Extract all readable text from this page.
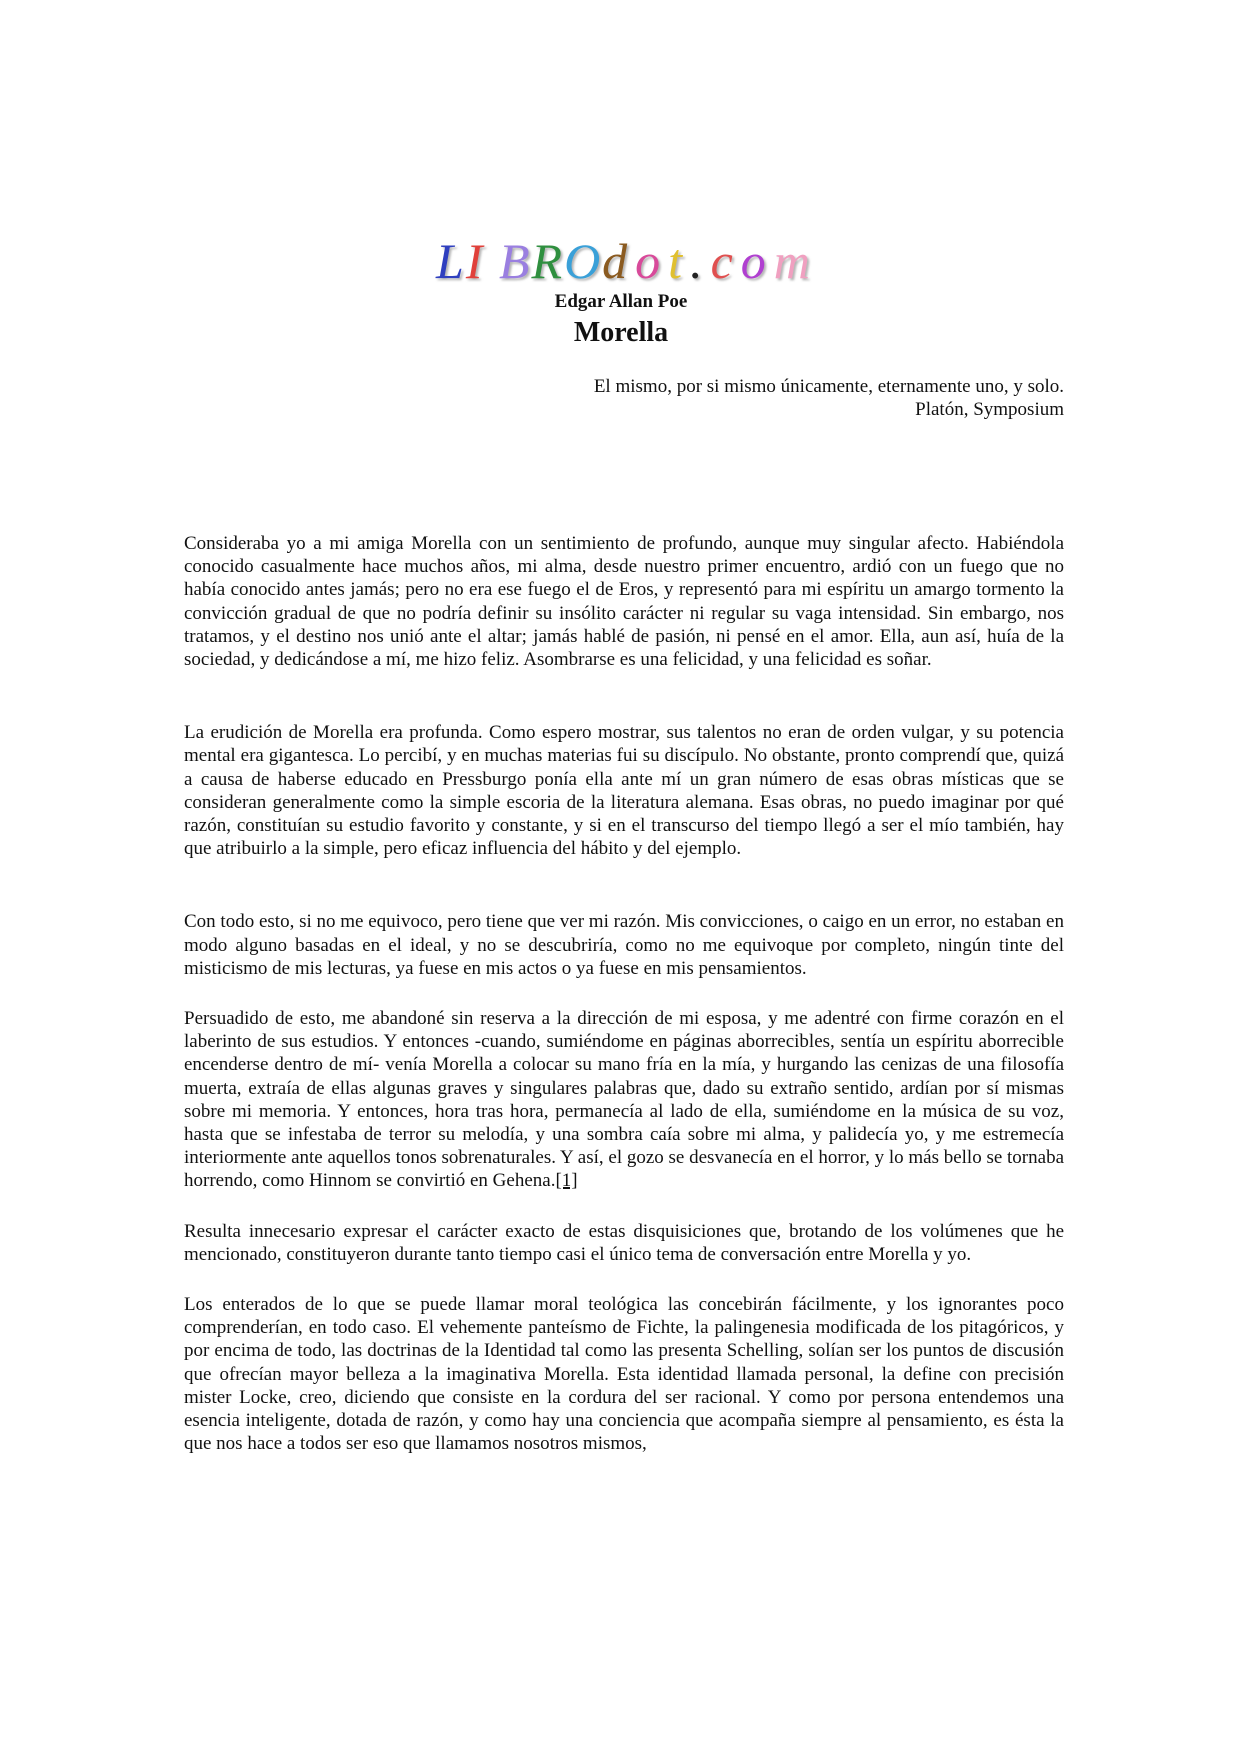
LI BROdot.com
Edgar Allan Poe
Morella
El mismo, por si mismo únicamente, eternamente uno, y solo.
Platón, Symposium

Consideraba yo a mi amiga Morella con un sentimiento de profundo, aunque muy singular afecto. Habiéndola conocido casualmente hace muchos años, mi alma, desde nuestro primer encuentro, ardió con un fuego que no había conocido antes jamás; pero no era ese fuego el de Eros, y representó para mi espíritu un amargo tormento la convicción gradual de que no podría definir su insólito carácter ni regular su vaga intensidad. Sin embargo, nos tratamos, y el destino nos unió ante el altar; jamás hablé de pasión, ni pensé en el amor. Ella, aun así, huía de la sociedad, y dedicándose a mí, me hizo feliz. Asombrarse es una felicidad, y una felicidad es soñar.

La erudición de Morella era profunda. Como espero mostrar, sus talentos no eran de orden vulgar, y su potencia mental era gigantesca. Lo percibí, y en muchas materias fui su discípulo. No obstante, pronto comprendí que, quizá a causa de haberse educado en Pressburgo ponía ella ante mí un gran número de esas obras místicas que se consideran generalmente como la simple escoria de la literatura alemana. Esas obras, no puedo imaginar por qué razón, constituían su estudio favorito y constante, y si en el transcurso del tiempo llegó a ser el mío también, hay que atribuirlo a la simple, pero eficaz influencia del hábito y del ejemplo.

Con todo esto, si no me equivoco, pero tiene que ver mi razón. Mis convicciones, o caigo en un error, no estaban en modo alguno basadas en el ideal, y no se descubriría, como no me equivoque por completo, ningún tinte del misticismo de mis lecturas, ya fuese en mis actos o ya fuese en mis pensamientos.

Persuadido de esto, me abandoné sin reserva a la dirección de mi esposa, y me adentré con firme corazón en el laberinto de sus estudios. Y entonces -cuando, sumiéndome en páginas aborrecibles, sentía un espíritu aborrecible encenderse dentro de mí- venía Morella a colocar su mano fría en la mía, y hurgando las cenizas de una filosofía muerta, extraía de ellas algunas graves y singulares palabras que, dado su extraño sentido, ardían por sí mismas sobre mi memoria. Y entonces, hora tras hora, permanecía al lado de ella, sumiéndome en la música de su voz, hasta que se infestaba de terror su melodía, y una sombra caía sobre mi alma, y palidecía yo, y me estremecía interiormente ante aquellos tonos sobrenaturales. Y así, el gozo se desvanecía en el horror, y lo más bello se tornaba horrendo, como Hinnom se convirtió en Gehena.[1]

Resulta innecesario expresar el carácter exacto de estas disquisiciones que, brotando de los volúmenes que he mencionado, constituyeron durante tanto tiempo casi el único tema de conversación entre Morella y yo.

Los enterados de lo que se puede llamar moral teológica las concebirán fácilmente, y los ignorantes poco comprenderían, en todo caso. El vehemente panteísmo de Fichte, la palingenesia modificada de los pitagóricos, y por encima de todo, las doctrinas de la Identidad tal como las presenta Schelling, solían ser los puntos de discusión que ofrecían mayor belleza a la imaginativa Morella. Esta identidad llamada personal, la define con precisión mister Locke, creo, diciendo que consiste en la cordura del ser racional. Y como por persona entendemos una esencia inteligente, dotada de razón, y como hay una conciencia que acompaña siempre al pensamiento, es ésta la que nos hace a todos ser eso que llamamos nosotros mismos,
